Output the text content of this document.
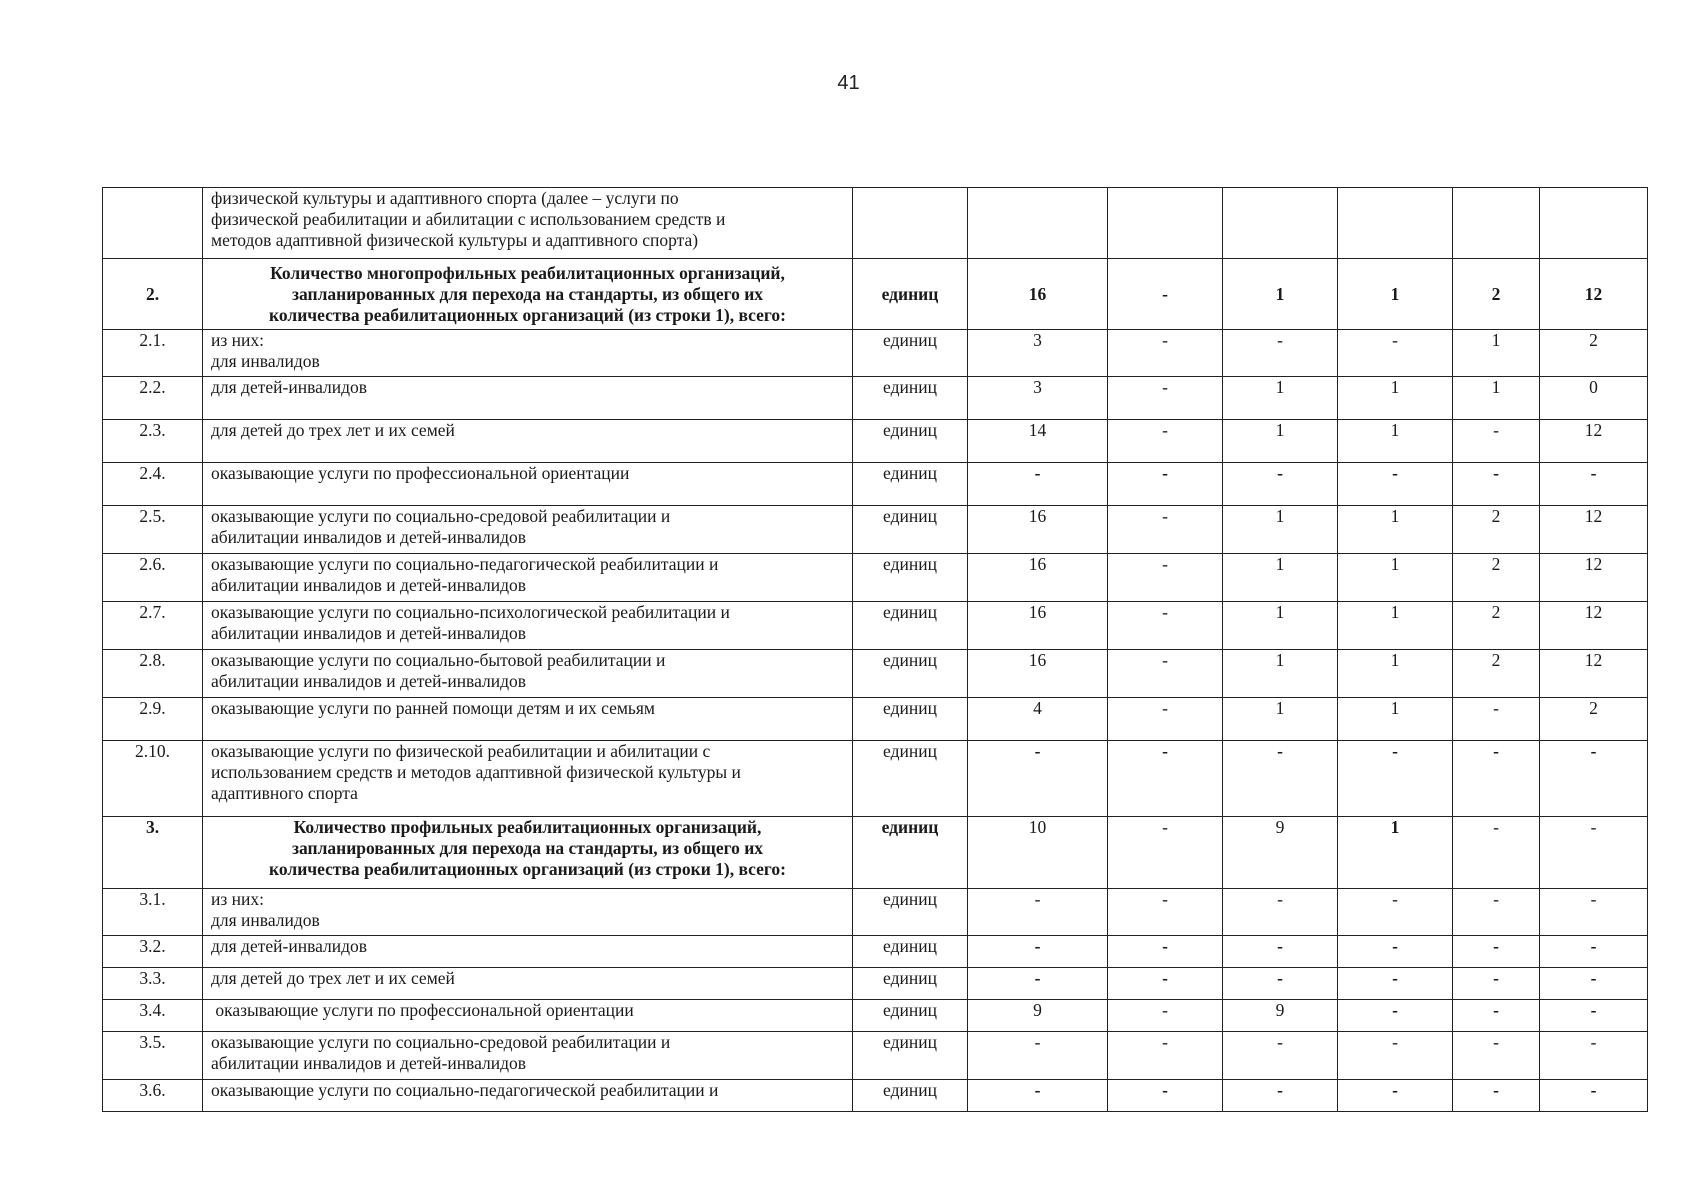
41

	физической культуры и адаптивного спорта (далее – услуги по
физической реабилитации и абилитации с использованием средств и
методов адаптивной физической культуры и адаптивного спорта)							

2.	Количество многопрофильных реабилитационных организаций,
запланированных для перехода на стандарты, из общего их
количества реабилитационных организаций (из строки 1), всего:	единиц	16	-	1	1	2	12
2.1.	из них:
для инвалидов	единиц	3	-	-	-	1	2
2.2.	для детей-инвалидов	единиц	3	-	1	1	1	0
2.3.	для детей до трех лет и их семей	единиц	14	-	1	1	-	12
2.4.	оказывающие услуги по профессиональной ориентации	единиц	-	-	-	-	-	-
2.5.	оказывающие услуги по социально-средовой реабилитации и
абилитации инвалидов и детей-инвалидов	единиц	16	-	1	1	2	12
2.6.	оказывающие услуги по социально-педагогической реабилитации и
абилитации инвалидов и детей-инвалидов	единиц	16	-	1	1	2	12
2.7.	оказывающие услуги по социально-психологической реабилитации и
абилитации инвалидов и детей-инвалидов	единиц	16	-	1	1	2	12
2.8.	оказывающие услуги по социально-бытовой реабилитации и
абилитации инвалидов и детей-инвалидов	единиц	16	-	1	1	2	12
2.9.	оказывающие услуги по ранней помощи детям и их семьям	единиц	4	-	1	1	-	2
2.10.	оказывающие услуги по физической реабилитации и абилитации с
использованием средств и методов адаптивной физической культуры и
адаптивного спорта	единиц	-	-	-	-	-	-
3.	Количество профильных реабилитационных организаций,
запланированных для перехода на стандарты, из общего их
количества реабилитационных организаций (из строки 1), всего:	единиц	10	-	9	1	-	-
3.1.	из них:
для инвалидов	единиц	-	-	-	-	-	-
3.2.	для детей-инвалидов	единиц	-	-	-	-	-	-
3.3.	для детей до трех лет и их семей	единиц	-	-	-	-	-	-
3.4.	оказывающие услуги по профессиональной ориентации	единиц	9	-	9	-	-	-
3.5.	оказывающие услуги по социально-средовой реабилитации и
абилитации инвалидов и детей-инвалидов	единиц	-	-	-	-	-	-
3.6.	оказывающие услуги по социально-педагогической реабилитации и	единиц	-	-	-	-	-	-
